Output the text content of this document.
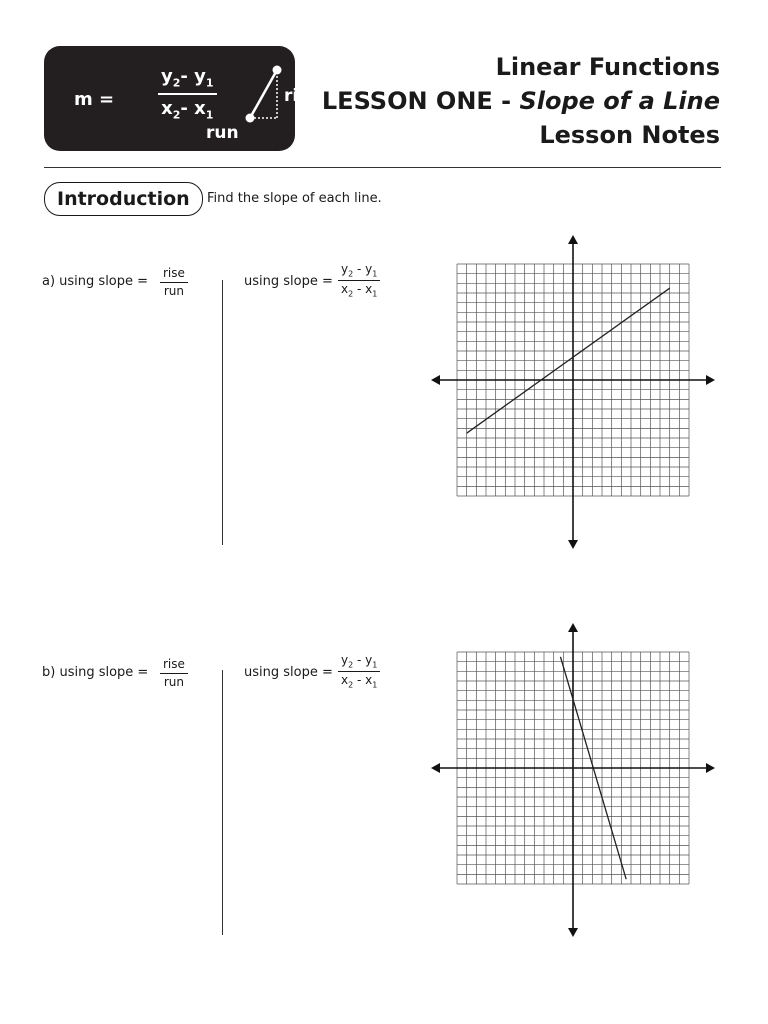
$m = \frac{y_2- y_1}{x_2- x_1}$	rise
run
Linear Functions
LESSON ONE - Slope of a Line
Lesson Notes
Introduction	Find the slope of each line.
a) using slope =
rise
run
using slope = $\frac{y_2 - y_1}{x_2 - x_1}$
b) using slope =
rise
run
using slope = $\frac{y_2 - y_1}{x_2 - x_1}$
